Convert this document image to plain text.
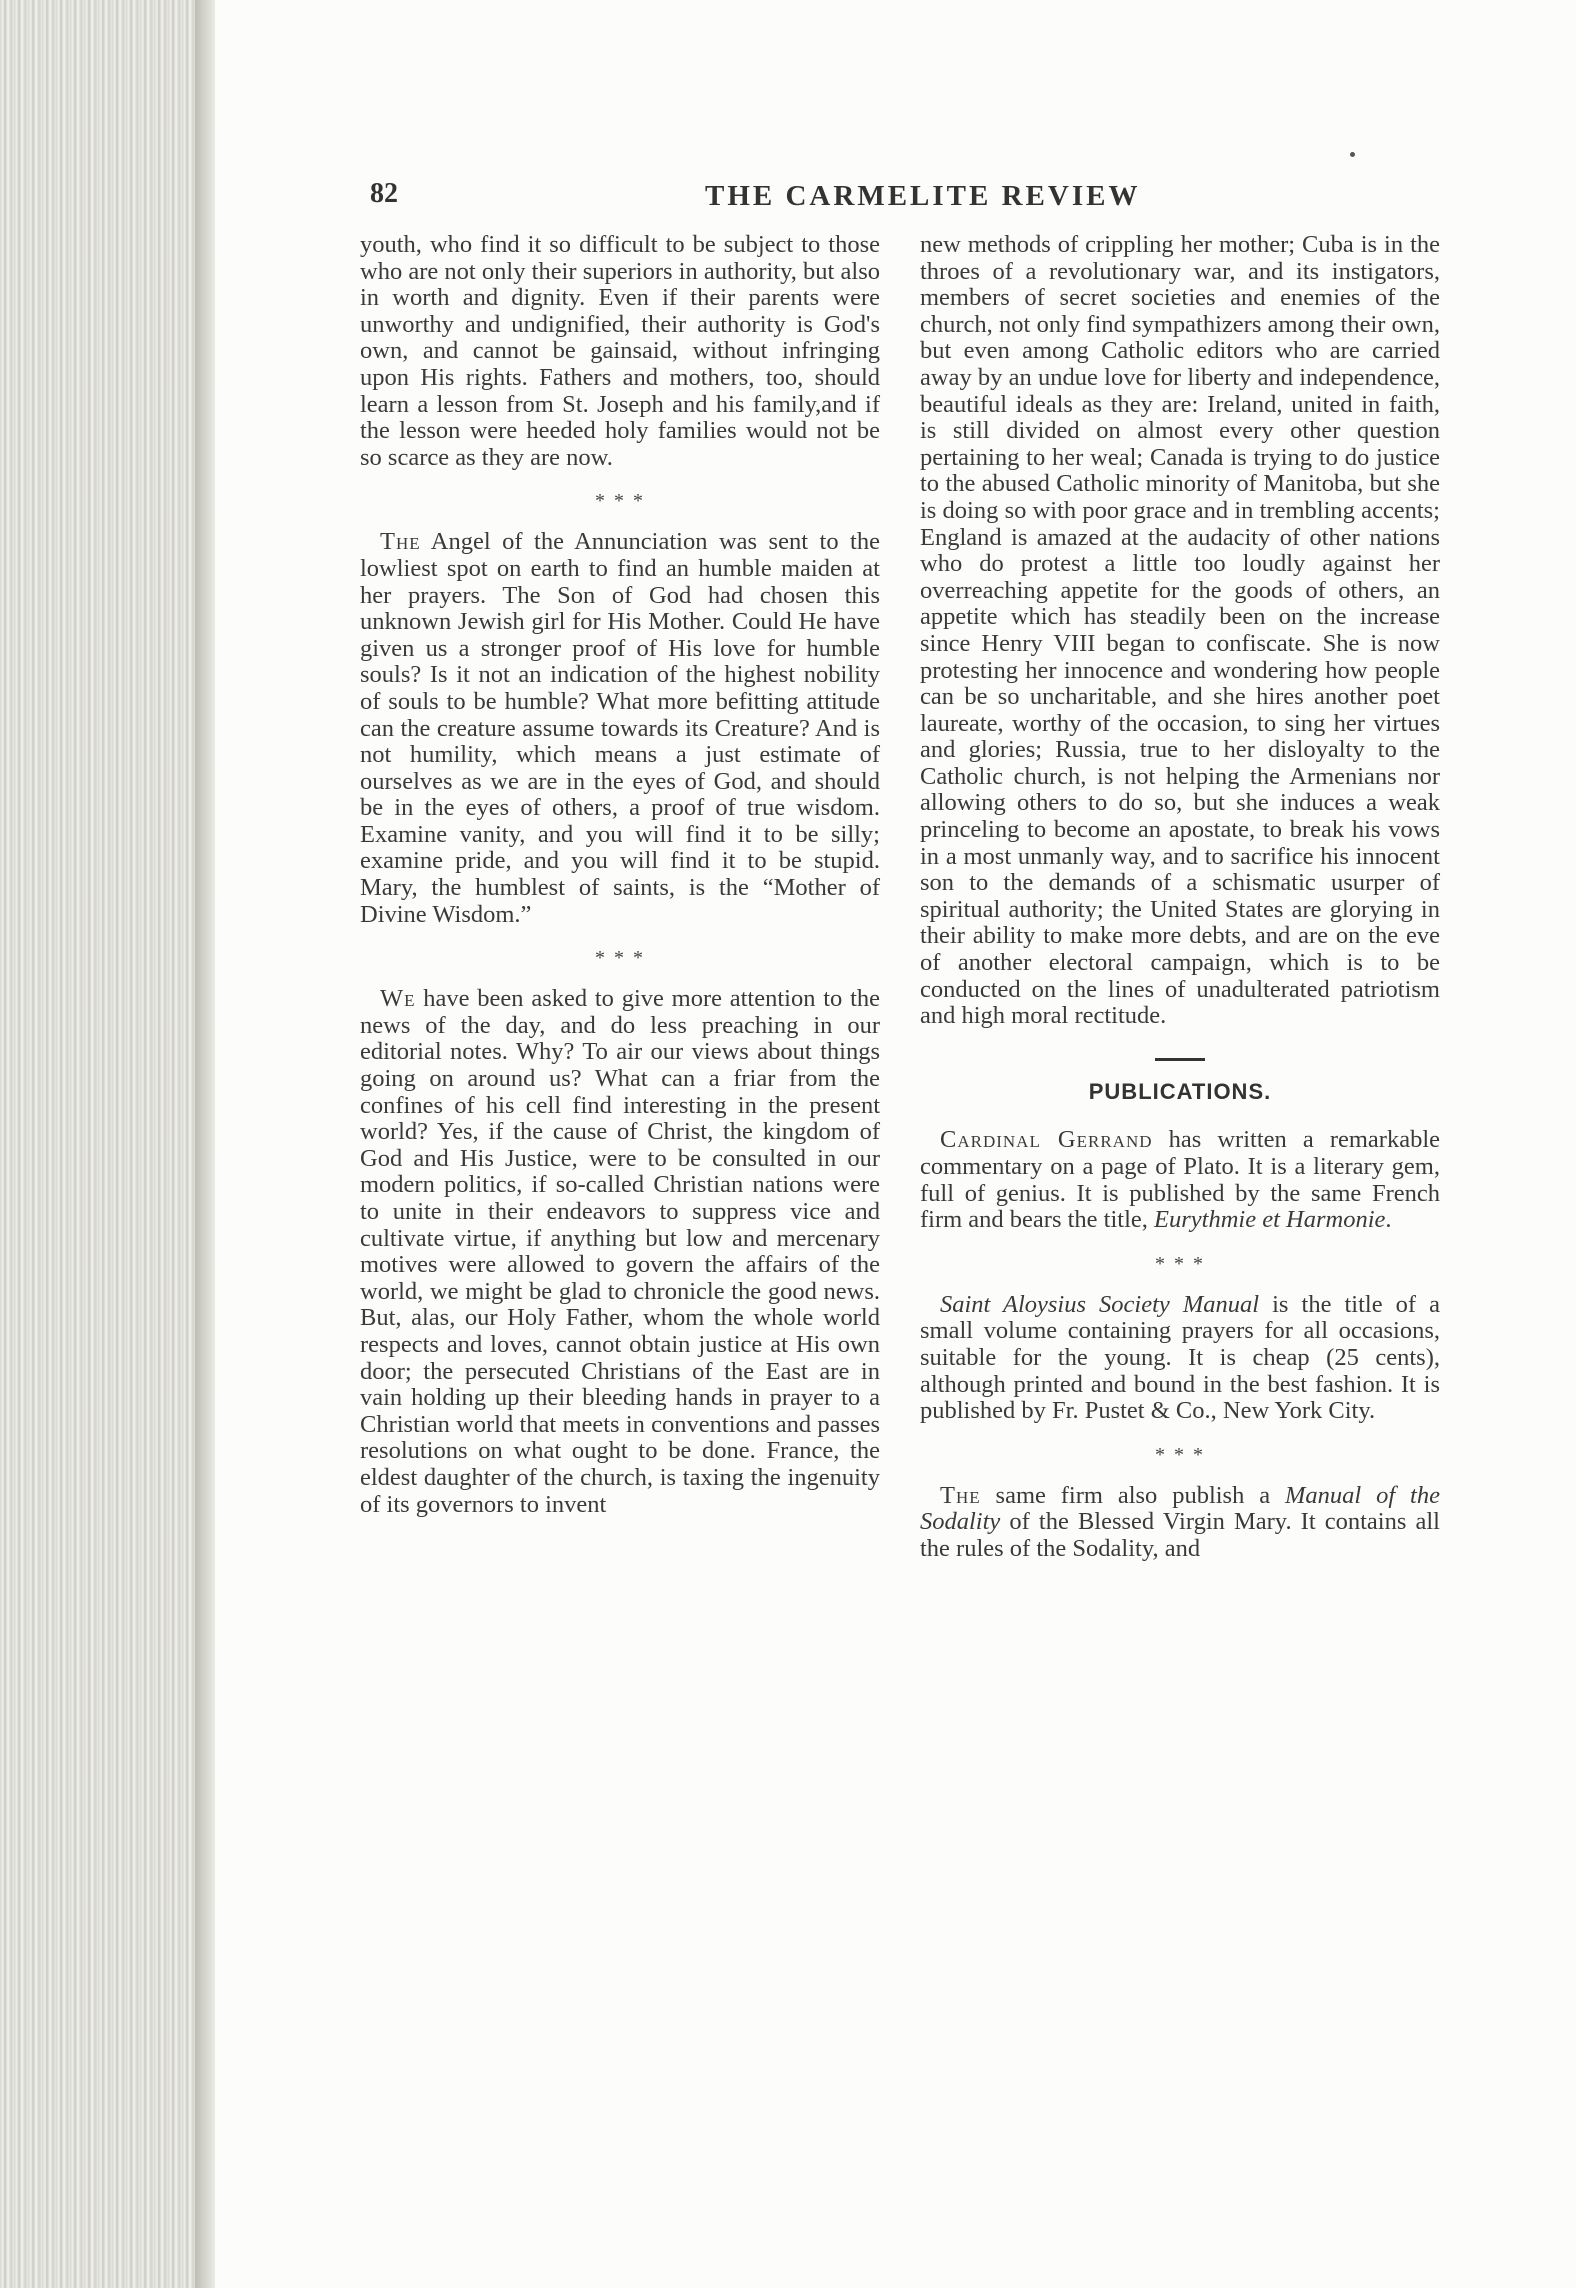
82	THE CARMELITE REVIEW

youth, who find it so difficult to be subject to those who are not only their superiors in authority, but also in worth and dignity. Even if their parents were unworthy and undignified, their authority is God's own, and cannot be gainsaid, without infringing upon His rights. Fathers and mothers, too, should learn a lesson from St. Joseph and his family,and if the lesson were heeded holy families would not be so scarce as they are now.

* * *

The Angel of the Annunciation was sent to the lowliest spot on earth to find an humble maiden at her prayers. The Son of God had chosen this unknown Jewish girl for His Mother. Could He have given us a stronger proof of His love for humble souls? Is it not an indication of the highest nobility of souls to be humble? What more befitting attitude can the creature assume towards its Creature? And is not humility, which means a just estimate of ourselves as we are in the eyes of God, and should be in the eyes of others, a proof of true wisdom. Examine vanity, and you will find it to be silly; examine pride, and you will find it to be stupid. Mary, the humblest of saints, is the “Mother of Divine Wisdom.”

* * *

We have been asked to give more attention to the news of the day, and do less preaching in our editorial notes. Why? To air our views about things going on around us? What can a friar from the confines of his cell find interesting in the present world? Yes, if the cause of Christ, the kingdom of God and His Justice, were to be consulted in our modern politics, if so-called Christian nations were to unite in their endeavors to suppress vice and cultivate virtue, if anything but low and mercenary motives were allowed to govern the affairs of the world, we might be glad to chronicle the good news. But, alas, our Holy Father, whom the whole world respects and loves, cannot obtain justice at His own door; the persecuted Christians of the East are in vain holding up their bleeding hands in prayer to a Christian world that meets in conventions and passes resolutions on what ought to be done. France, the eldest daughter of the church, is taxing the ingenuity of its governors to invent

new methods of crippling her mother; Cuba is in the throes of a revolutionary war, and its instigators, members of secret societies and enemies of the church, not only find sympathizers among their own, but even among Catholic editors who are carried away by an undue love for liberty and independence, beautiful ideals as they are: Ireland, united in faith, is still divided on almost every other question pertaining to her weal; Canada is trying to do justice to the abused Catholic minority of Manitoba, but she is doing so with poor grace and in trembling accents; England is amazed at the audacity of other nations who do protest a little too loudly against her overreaching appetite for the goods of others, an appetite which has steadily been on the increase since Henry VIII began to confiscate. She is now protesting her innocence and wondering how people can be so uncharitable, and she hires another poet laureate, worthy of the occasion, to sing her virtues and glories; Russia, true to her disloyalty to the Catholic church, is not helping the Armenians nor allowing others to do so, but she induces a weak princeling to become an apostate, to break his vows in a most unmanly way, and to sacrifice his innocent son to the demands of a schismatic usurper of spiritual authority; the United States are glorying in their ability to make more debts, and are on the eve of another electoral campaign, which is to be conducted on the lines of unadulterated patriotism and high moral rectitude.

PUBLICATIONS.

Cardinal Gerrand has written a remarkable commentary on a page of Plato. It is a literary gem, full of genius. It is published by the same French firm and bears the title, Eurythmie et Harmonie.

* * *

Saint Aloysius Society Manual is the title of a small volume containing prayers for all occasions, suitable for the young. It is cheap (25 cents), although printed and bound in the best fashion. It is published by Fr. Pustet & Co., New York City.

* * *

The same firm also publish a Manual of the Sodality of the Blessed Virgin Mary. It contains all the rules of the Sodality, and
